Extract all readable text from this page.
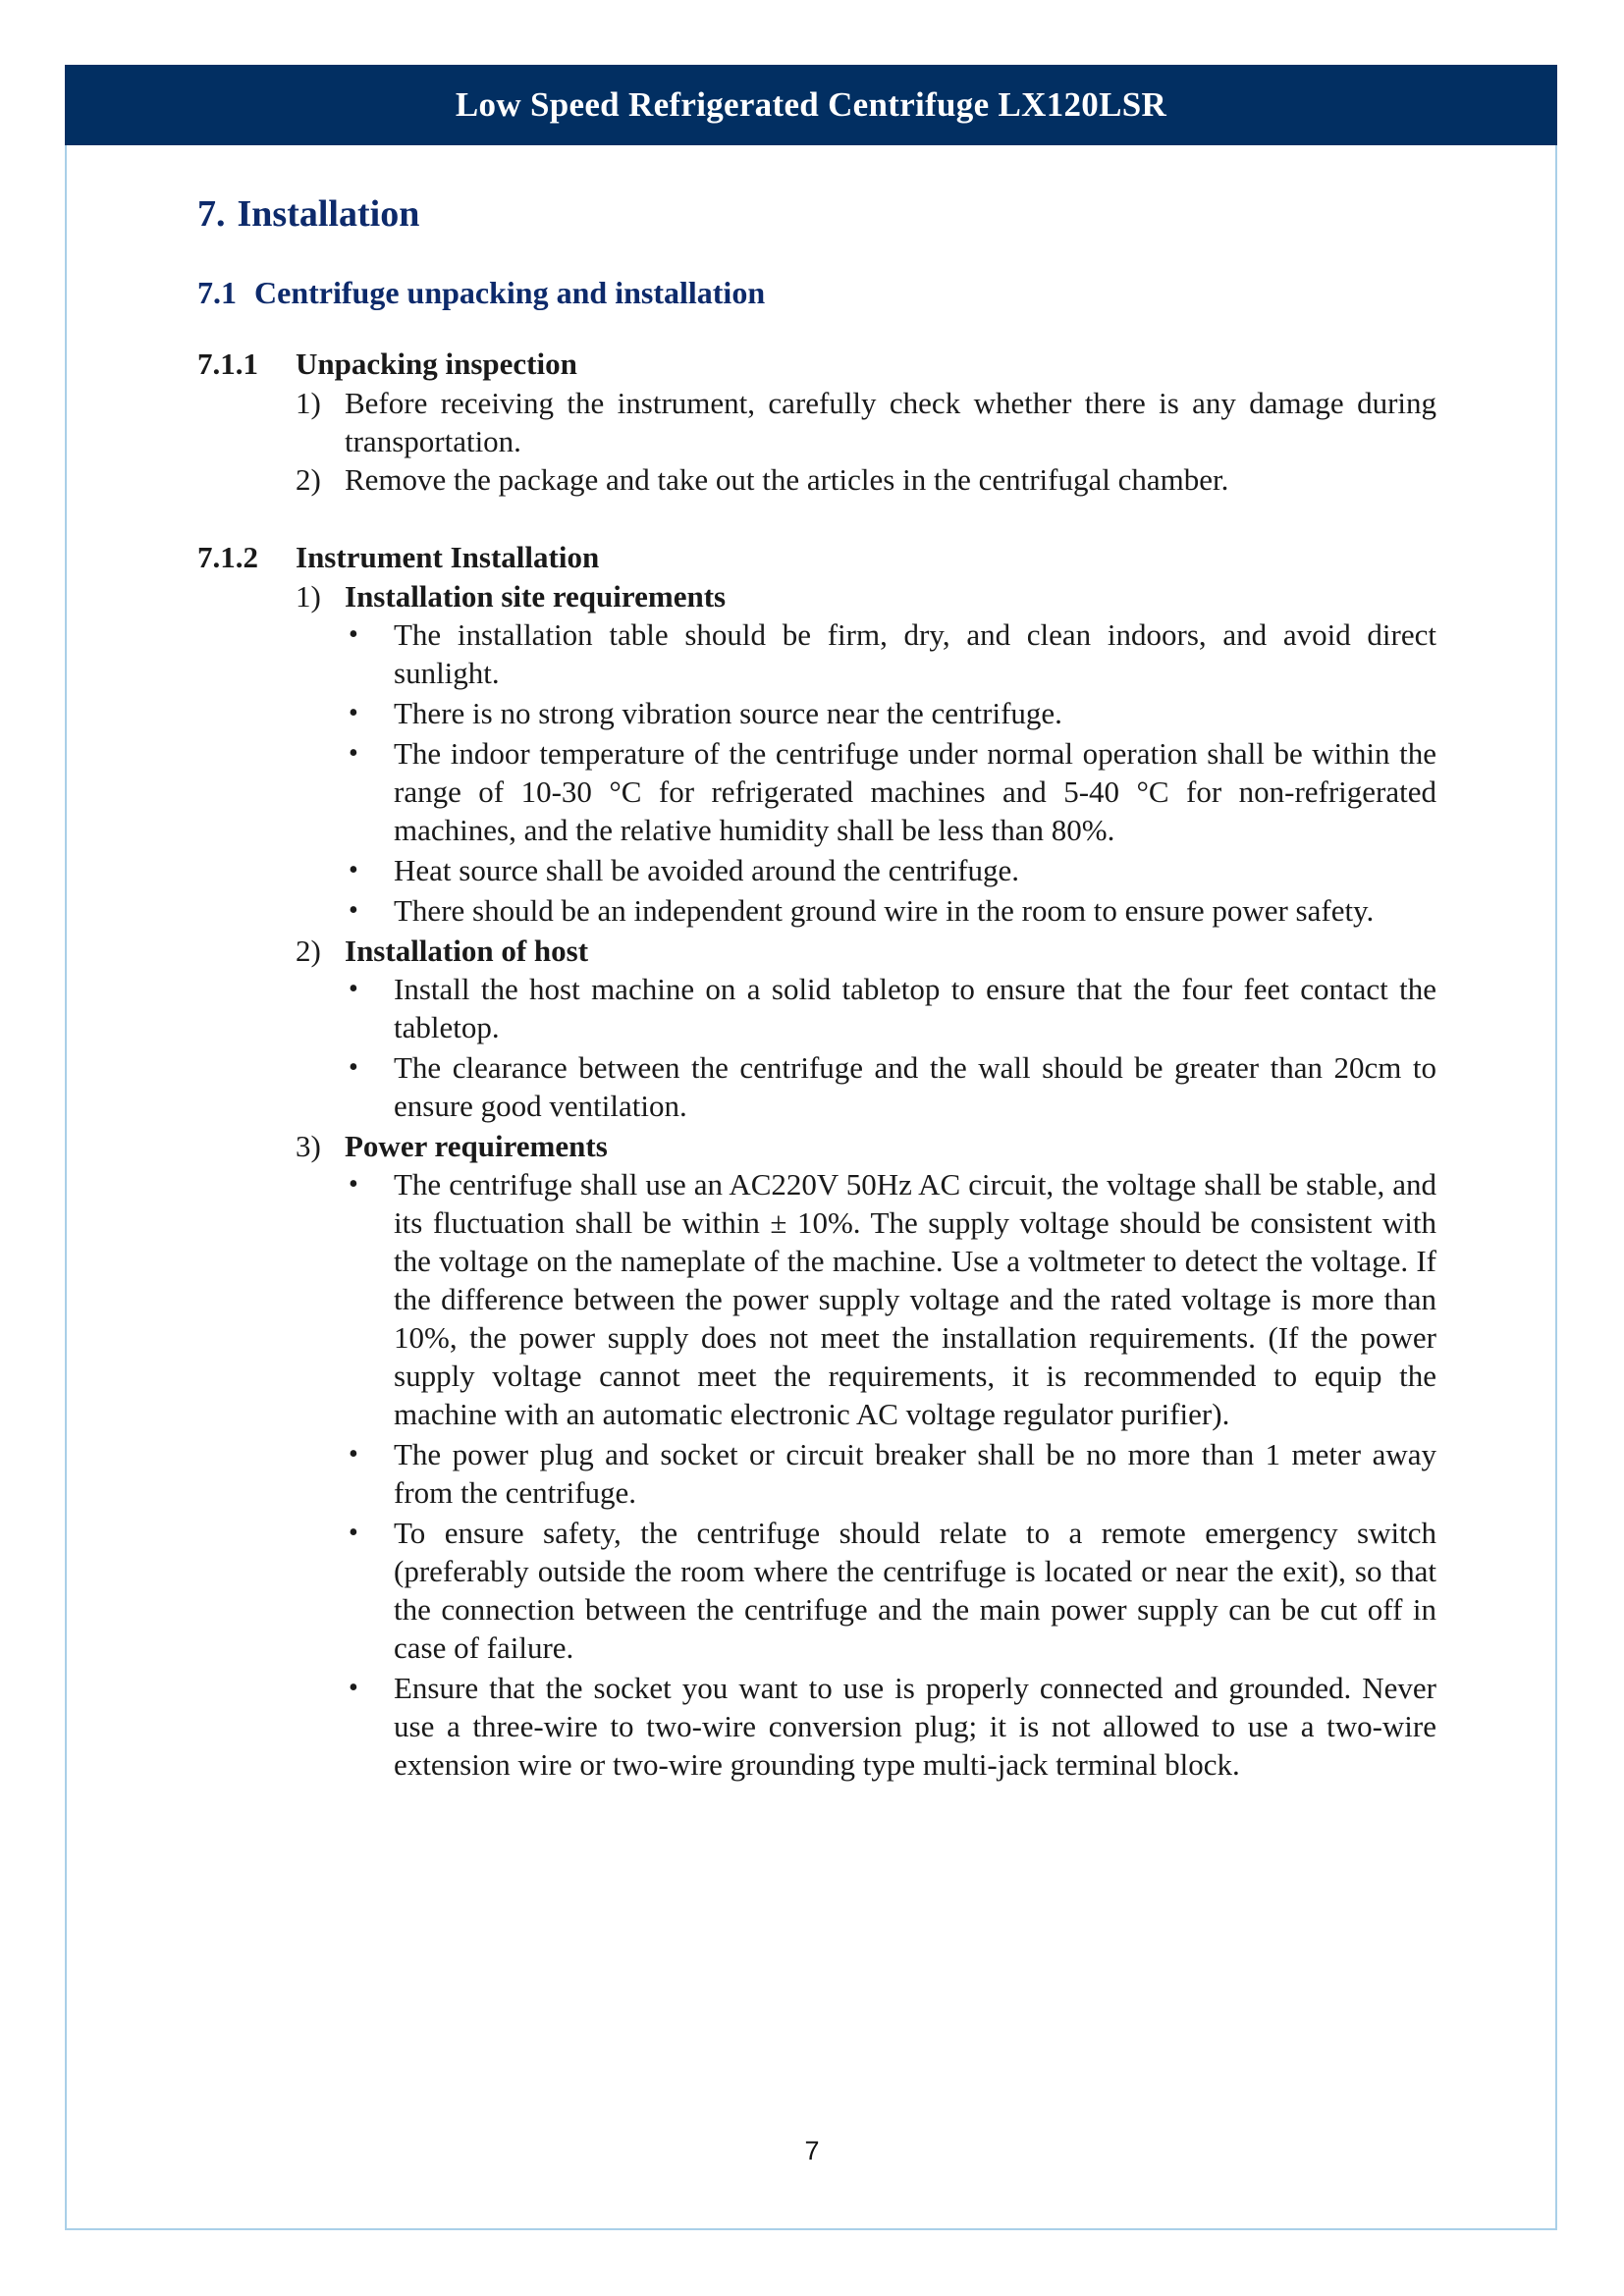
Low Speed Refrigerated Centrifuge LX120LSR
7. Installation
7.1 Centrifuge unpacking and installation
7.1.1	Unpacking inspection
1) Before receiving the instrument, carefully check whether there is any damage during transportation.
2) Remove the package and take out the articles in the centrifugal chamber.
7.1.2	Instrument Installation
1) Installation site requirements
•	The installation table should be firm, dry, and clean indoors, and avoid direct sunlight.
•	There is no strong vibration source near the centrifuge.
•	The indoor temperature of the centrifuge under normal operation shall be within the range of 10-30 °C for refrigerated machines and 5-40 °C for non-refrigerated machines, and the relative humidity shall be less than 80%.
•	Heat source shall be avoided around the centrifuge.
•	There should be an independent ground wire in the room to ensure power safety.
2) Installation of host
•	Install the host machine on a solid tabletop to ensure that the four feet contact the tabletop.
•	The clearance between the centrifuge and the wall should be greater than 20cm to ensure good ventilation.
3) Power requirements
•	The centrifuge shall use an AC220V 50Hz AC circuit, the voltage shall be stable, and its fluctuation shall be within ± 10%. The supply voltage should be consistent with the voltage on the nameplate of the machine. Use a voltmeter to detect the voltage. If the difference between the power supply voltage and the rated voltage is more than 10%, the power supply does not meet the installation requirements. (If the power supply voltage cannot meet the requirements, it is recommended to equip the machine with an automatic electronic AC voltage regulator purifier).
•	The power plug and socket or circuit breaker shall be no more than 1 meter away from the centrifuge.
•	To ensure safety, the centrifuge should relate to a remote emergency switch (preferably outside the room where the centrifuge is located or near the exit), so that the connection between the centrifuge and the main power supply can be cut off in case of failure.
•	Ensure that the socket you want to use is properly connected and grounded. Never use a three-wire to two-wire conversion plug; it is not allowed to use a two-wire extension wire or two-wire grounding type multi-jack terminal block.
7
